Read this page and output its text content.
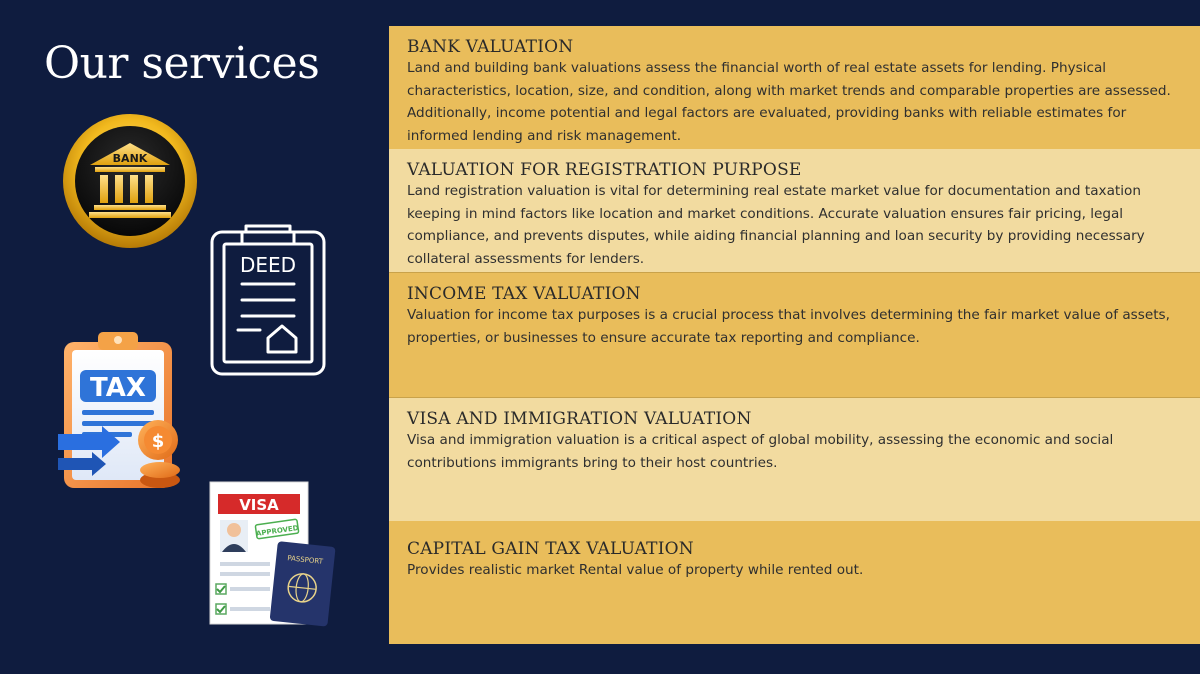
Our services
BANK
DEED
TAX
$
VISA
APPROVED
PASSPORT
BANK VALUATION
Land and building bank valuations assess the financial worth of real estate assets for lending. Physical characteristics, location, size, and condition, along with market trends and comparable properties are assessed. Additionally, income potential and legal factors are evaluated, providing banks with reliable estimates for informed lending and risk management.
VALUATION FOR REGISTRATION PURPOSE
Land registration valuation is vital for determining real estate market value for documentation and taxation keeping in mind factors like location and market conditions. Accurate valuation ensures fair pricing, legal compliance, and prevents disputes, while aiding financial planning and loan security by providing necessary collateral assessments for lenders.
INCOME TAX VALUATION
Valuation for income tax purposes is a crucial process that involves determining the fair market value of assets, properties, or businesses to ensure accurate tax reporting and compliance.
VISA AND IMMIGRATION VALUATION
Visa and immigration valuation is a critical aspect of global mobility, assessing the economic and social contributions immigrants bring to their host countries.
CAPITAL GAIN TAX VALUATION
Provides realistic market Rental value of property while rented out.
